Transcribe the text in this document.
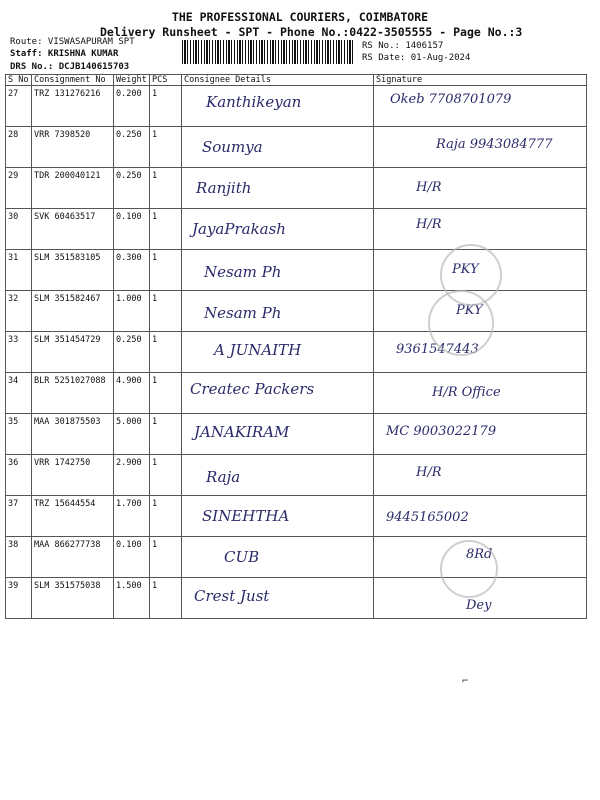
THE PROFESSIONAL COURIERS, COIMBATORE
Delivery Runsheet - SPT - Phone No.:0422-3505555 - Page No.:3
Route: VISWASAPURAM SPT
Staff: KRISHNA KUMAR
DRS No.: DCJB140615703
RS No.: 1406157
RS Date: 01-Aug-2024
S No	Consignment No	Weight	PCS	Consignee Details	Signature
27	TRZ 131276216	0.200	1	Kanthikeyan	Okeb 7708701079
28	VRR 7398520	0.250	1	Soumya	Raja 9943084777
29	TDR 200040121	0.250	1	Ranjith	H/R
30	SVK 60463517	0.100	1	JayaPrakash	H/R
31	SLM 351583105	0.300	1	Nesam Ph	PKY
32	SLM 351582467	1.000	1	Nesam Ph	PKY
33	SLM 351454729	0.250	1	A JUNAITH	9361547443
34	BLR 5251027088	4.900	1	Createc Packers	H/R Office
35	MAA 301875503	5.000	1	JANAKIRAM	MC 9003022179
36	VRR 1742750	2.900	1	Raja	H/R
37	TRZ 15644554	1.700	1	SINEHTHA	9445165002
38	MAA 866277738	0.100	1	CUB	8Rd
39	SLM 351575038	1.500	1	Crest Just	Dey
⌐
